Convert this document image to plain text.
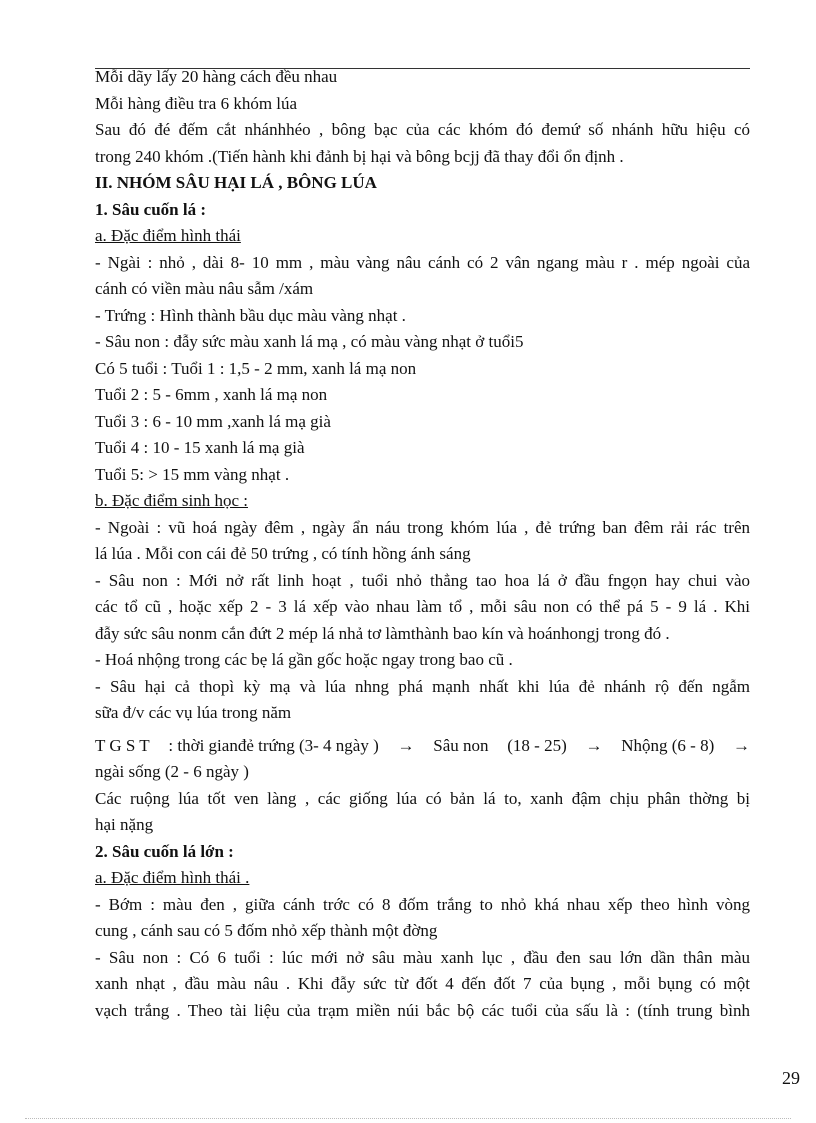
Mỗi dãy lấy 20 hàng cách đều nhau

Mỗi hàng điều tra 6 khóm lúa

Sau đó đé đếm cắt nhánhhéo , bông bạc của các khóm đó đemứ số nhánh hữu hiệu có

trong 240 khóm .(Tiến hành khi đảnh bị hại và bông bcjj đã thay đổi ổn định .

II. NHÓM SÂU HẠI LÁ , BÔNG LÚA

1. Sâu cuốn lá :

a. Đặc điểm hình thái

- Ngài : nhỏ , dài 8- 10 mm , màu vàng nâu cánh có 2 vân ngang màu r . mép ngoài của

cánh có viền màu nâu sẫm /xám

- Trứng : Hình thành bầu dục màu vàng nhạt .

- Sâu non : đẫy sức màu xanh lá mạ , có màu vàng nhạt ở tuổi5

Có 5 tuổi : Tuổi 1 : 1,5 - 2 mm, xanh lá mạ non

Tuổi 2 : 5 - 6mm , xanh lá mạ non

Tuổi 3 : 6 - 10 mm ,xanh lá mạ già

Tuổi 4 : 10 - 15 xanh lá mạ già

Tuổi 5: > 15 mm vàng nhạt .

b. Đặc điểm sinh học :

- Ngoài : vũ hoá ngày đêm , ngày ẩn náu trong khóm lúa , đẻ trứng ban đêm rải rác trên

lá lúa . Mỗi con cái đẻ 50 trứng , có tính hồng ánh sáng

- Sâu non : Mới nở rất linh hoạt , tuổi nhỏ thẳng tao hoa lá ở đầu fngọn hay chui vào

các tổ cũ , hoặc xếp 2 - 3 lá xếp vào nhau làm tổ , mỗi sâu non có thể pá 5 - 9 lá . Khi

đẫy sức sâu nonm cắn đứt 2 mép lá nhả tơ làmthành bao kín và hoánhongj trong đó .

- Hoá nhộng trong các bẹ lá gần gốc hoặc ngay trong bao cũ .

- Sâu hại cả thopì kỳ mạ và lúa nhng phá mạnh nhất khi lúa đẻ nhánh rộ đến ngẫm

sữa đ/v các vụ lúa trong năm

T G S T : thời gianđẻ trứng (3- 4 ngày ) → Sâu non (18 - 25) → Nhộng (6 - 8) →

ngài sống (2 - 6 ngày )

Các ruộng lúa tốt ven làng , các giống lúa có bản lá to, xanh đậm chịu phân thờng bị

hại nặng

2. Sâu cuốn lá lớn :

a. Đặc điểm hình thái .

- Bớm : màu đen , giữa cánh trớc có 8 đốm trắng to nhỏ khá nhau xếp theo hình vòng

cung , cánh sau có 5 đốm nhỏ xếp thành một đờng

- Sâu non : Có 6 tuổi : lúc mới nở sâu màu xanh lục , đầu đen sau lớn dần thân màu

xanh nhạt , đầu màu nâu . Khi đẫy sức từ đốt 4 đến đốt 7 của bụng , mỗi bụng có một

vạch trắng . Theo tài liệu của trạm miền núi bắc bộ các tuổi của sấu là : (tính trung bình

29
